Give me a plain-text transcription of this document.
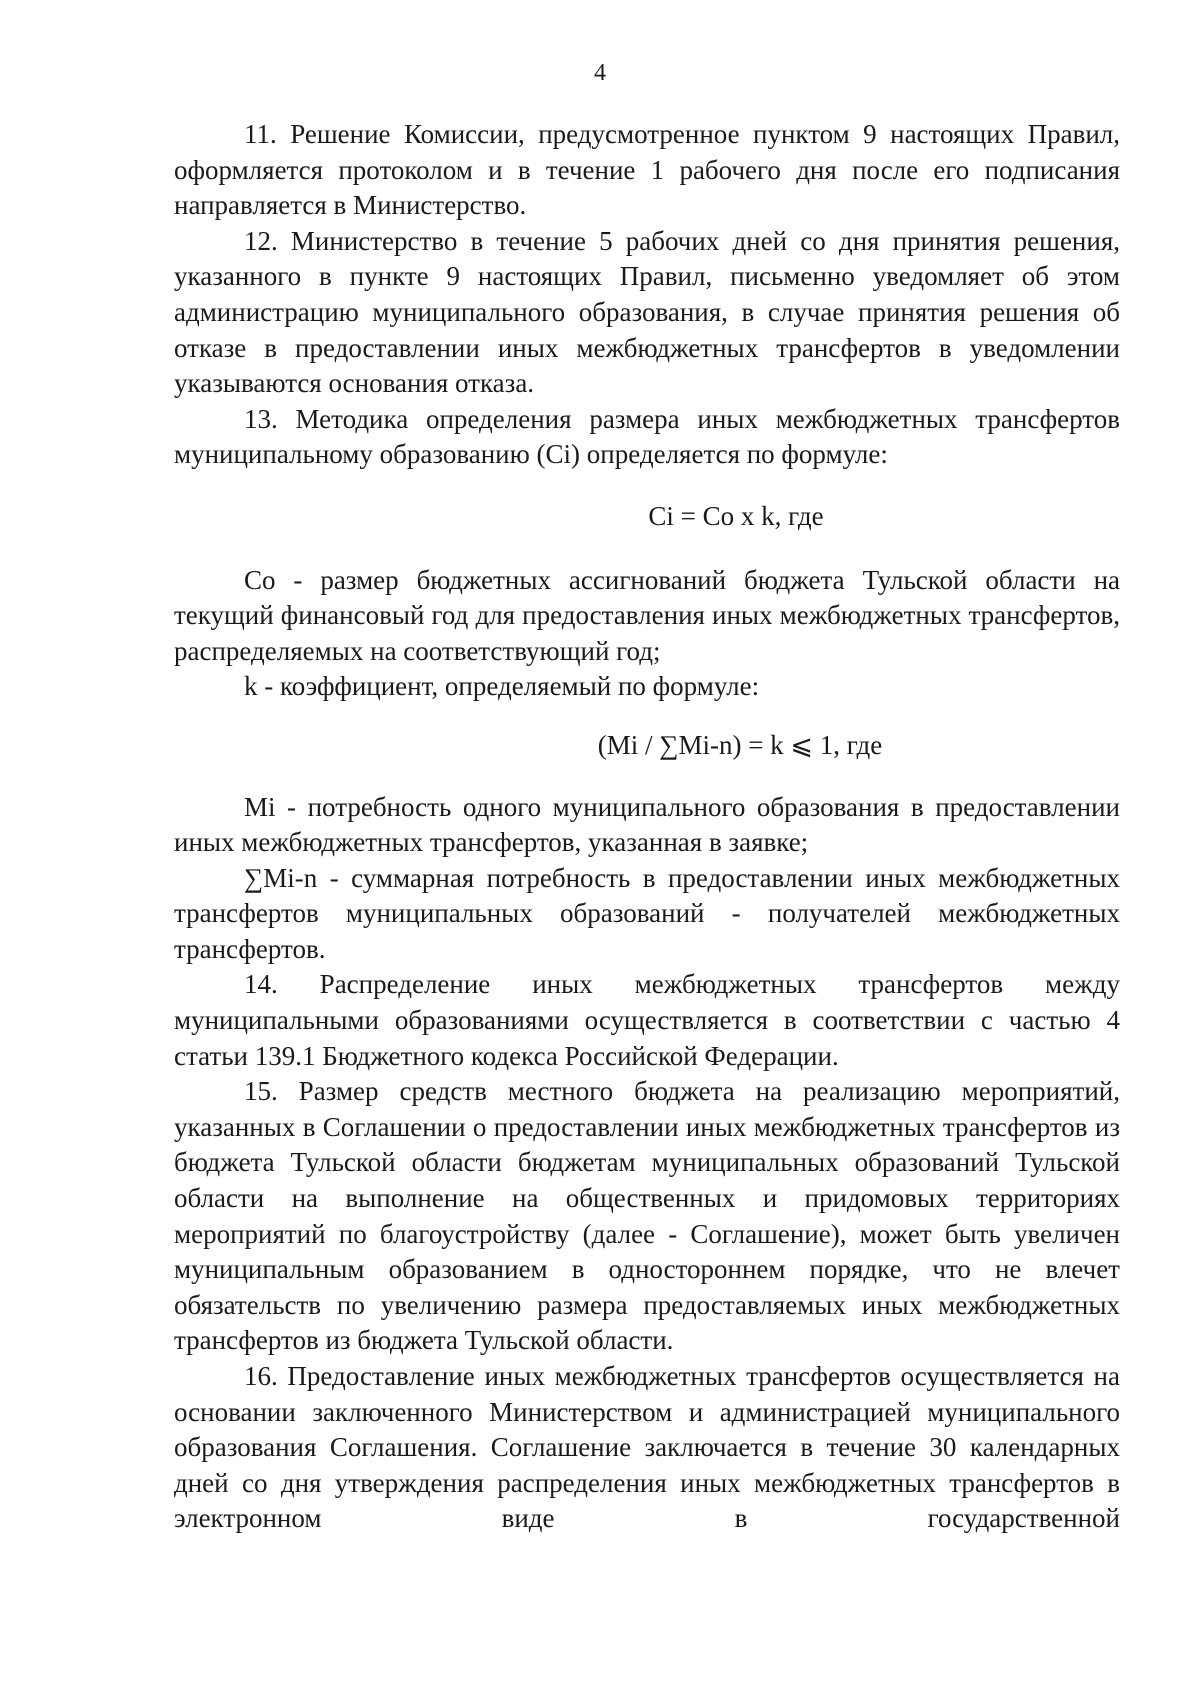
4

11. Решение Комиссии, предусмотренное пунктом 9 настоящих Правил, оформляется протоколом и в течение 1 рабочего дня после его подписания направляется в Министерство.

12. Министерство в течение 5 рабочих дней со дня принятия решения, указанного в пункте 9 настоящих Правил, письменно уведомляет об этом администрацию муниципального образования, в случае принятия решения об отказе в предоставлении иных межбюджетных трансфертов в уведомлении указываются основания отказа.

13. Методика определения размера иных межбюджетных трансфертов муниципальному образованию (Ci) определяется по формуле:

Ci = Co x k, где

Co - размер бюджетных ассигнований бюджета Тульской области на текущий финансовый год для предоставления иных межбюджетных трансфертов, распределяемых на соответствующий год;

k - коэффициент, определяемый по формуле:

(Mi / ∑Mi-n) = k ⩽ 1, где

Mi - потребность одного муниципального образования в предоставлении иных межбюджетных трансфертов, указанная в заявке;

∑Mi-n - суммарная потребность в предоставлении иных межбюджетных трансфертов муниципальных образований - получателей межбюджетных трансфертов.

14. Распределение иных межбюджетных трансфертов между муниципальными образованиями осуществляется в соответствии с частью 4 статьи 139.1 Бюджетного кодекса Российской Федерации.

15. Размер средств местного бюджета на реализацию мероприятий, указанных в Соглашении о предоставлении иных межбюджетных трансфертов из бюджета Тульской области бюджетам муниципальных образований Тульской области на выполнение на общественных и придомовых территориях мероприятий по благоустройству (далее - Соглашение), может быть увеличен муниципальным образованием в одностороннем порядке, что не влечет обязательств по увеличению размера предоставляемых иных межбюджетных трансфертов из бюджета Тульской области.

16. Предоставление иных межбюджетных трансфертов осуществляется на основании заключенного Министерством и администрацией муниципального образования Соглашения. Соглашение заключается в течение 30 календарных дней со дня утверждения распределения иных межбюджетных трансфертов в электронном виде в государственной
